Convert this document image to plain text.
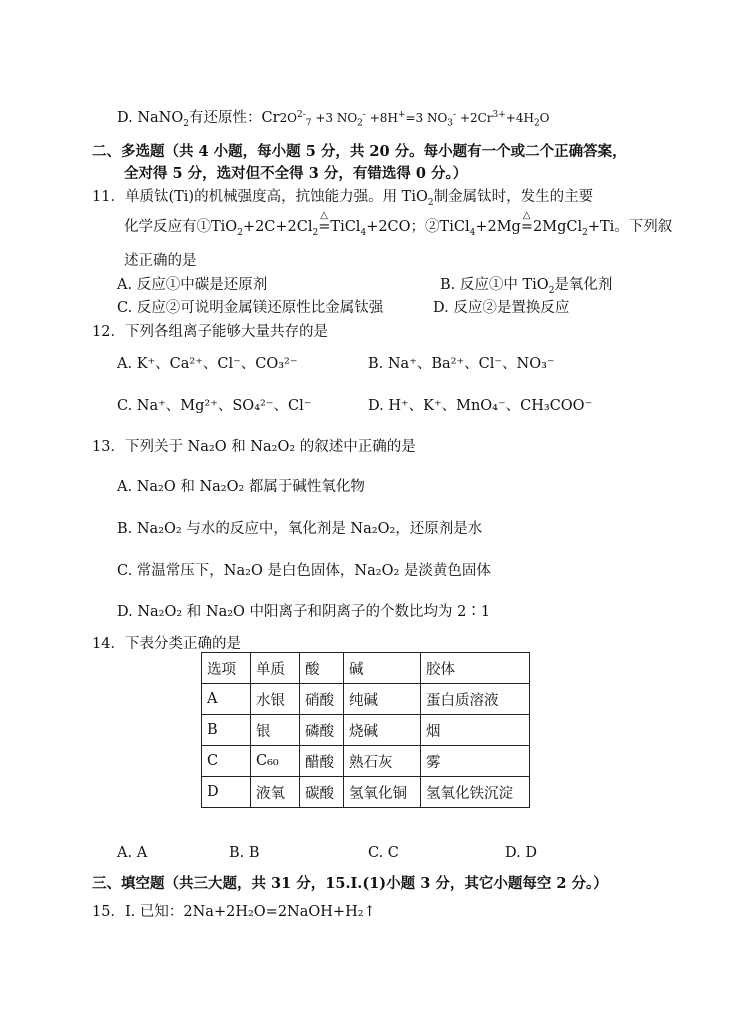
D. NaNO$_2$有还原性：$Cr2O^{2-}_7 +3$ $NO_2^- +8H^+=3$ $NO_3^- +2Cr^{3+}+4H_2O$
二、多选题（共 4 小题，每小题 5 分，共 20 分。每小题有一个或二个正确答案，
全对得 5 分，选对但不全得 3 分，有错选得 0 分。）
11．单质钛(Ti)的机械强度高，抗蚀能力强。用 TiO$_2$制金属钛时，发生的主要
化学反应有$①TiO_2+2C+2Cl_2$
△
=TiCl$_4$+2CO；②TiCl$_4$+2Mg
△
=2MgCl$_2$+Ti。下列叙
述正确的是
A. 反应①中碳是还原剂	B. 反应①中 TiO$_2$是氧化剂
C. 反应②可说明金属镁还原性比金属钛强	D. 反应②是置换反应
12．下列各组离子能够大量共存的是
A. K⁺、Ca²⁺、Cl⁻、CO₃²⁻	B. Na⁺、Ba²⁺、Cl⁻、NO₃⁻
C. Na⁺、Mg²⁺、SO₄²⁻、Cl⁻	D. H⁺、K⁺、MnO₄⁻、CH₃COO⁻
13．下列关于 Na₂O 和 Na₂O₂ 的叙述中正确的是
A. Na₂O 和 Na₂O₂ 都属于碱性氧化物
B. Na₂O₂ 与水的反应中，氧化剂是 Na₂O₂，还原剂是水
C. 常温常压下，Na₂O 是白色固体，Na₂O₂ 是淡黄色固体
D. Na₂O₂ 和 Na₂O 中阳离子和阴离子的个数比均为 2∶1
14．下表分类正确的是
选项	单质	酸	碱	胶体
A	水银	硝酸	纯碱	蛋白质溶液
B	银	磷酸	烧碱	烟
C	C₆₀	醋酸	熟石灰	雾
D	液氧	碳酸	氢氧化铜	氢氧化铁沉淀
A. A	B. B	C. C	D. D
三、填空题（共三大题，共 31 分，15.Ⅰ.(1)小题 3 分，其它小题每空 2 分。）
15．Ⅰ. 已知：2Na+2H₂O=2NaOH+H₂↑
